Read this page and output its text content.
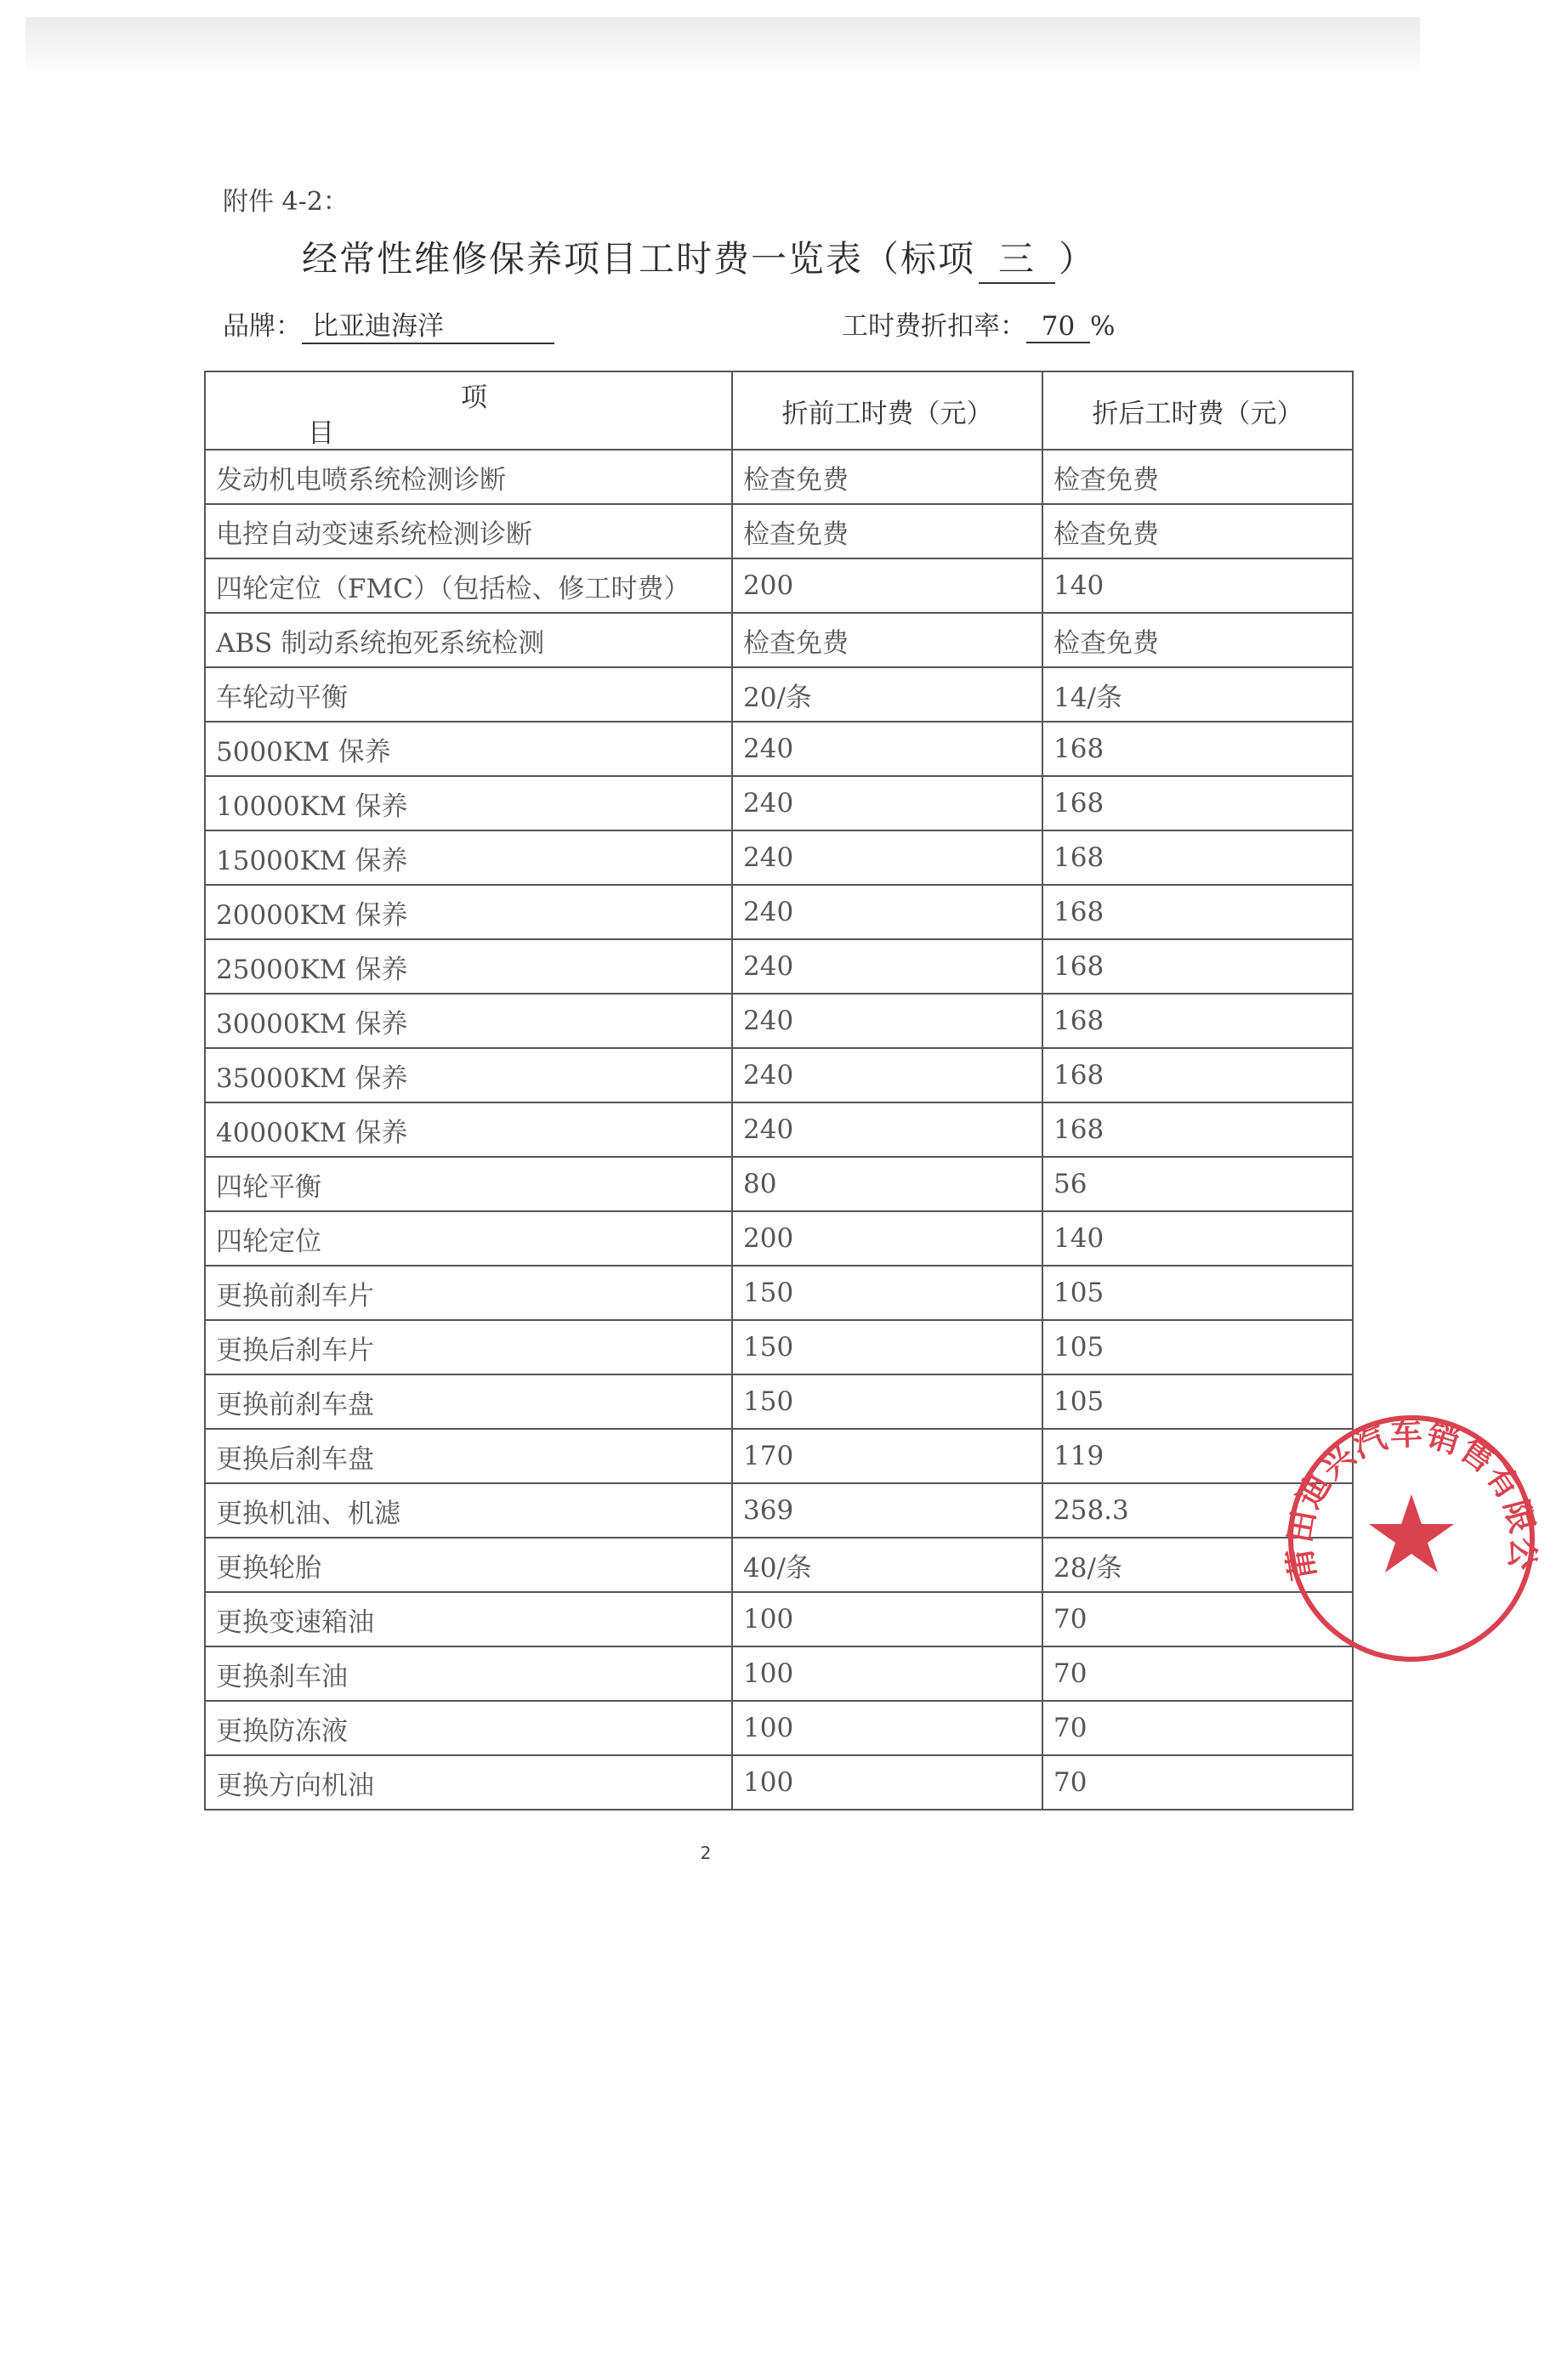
附件 4-2：
经常性维修保养项目工时费一览表（标项 三 ）
品牌： 比亚迪海洋	工时费折扣率： 70 %
项
目	折前工时费（元）	折后工时费（元）
发动机电喷系统检测诊断	检查免费	检查免费
电控自动变速系统检测诊断	检查免费	检查免费
四轮定位（FMC）（包括检、修工时费）	200	140
ABS 制动系统抱死系统检测	检查免费	检查免费
车轮动平衡	20/条	14/条
5000KM 保养	240	168
10000KM 保养	240	168
15000KM 保养	240	168
20000KM 保养	240	168
25000KM 保养	240	168
30000KM 保养	240	168
35000KM 保养	240	168
40000KM 保养	240	168
四轮平衡	80	56
四轮定位	200	140
更换前刹车片	150	105
更换后刹车片	150	105
更换前刹车盘	150	105
更换后刹车盘	170	119
更换机油、机滤	369	258.3
更换轮胎	40/条	28/条
更换变速箱油	100	70
更换刹车油	100	70
更换防冻液	100	70
更换方向机油	100	70
莆田迪兴汽车销售有限公
2
